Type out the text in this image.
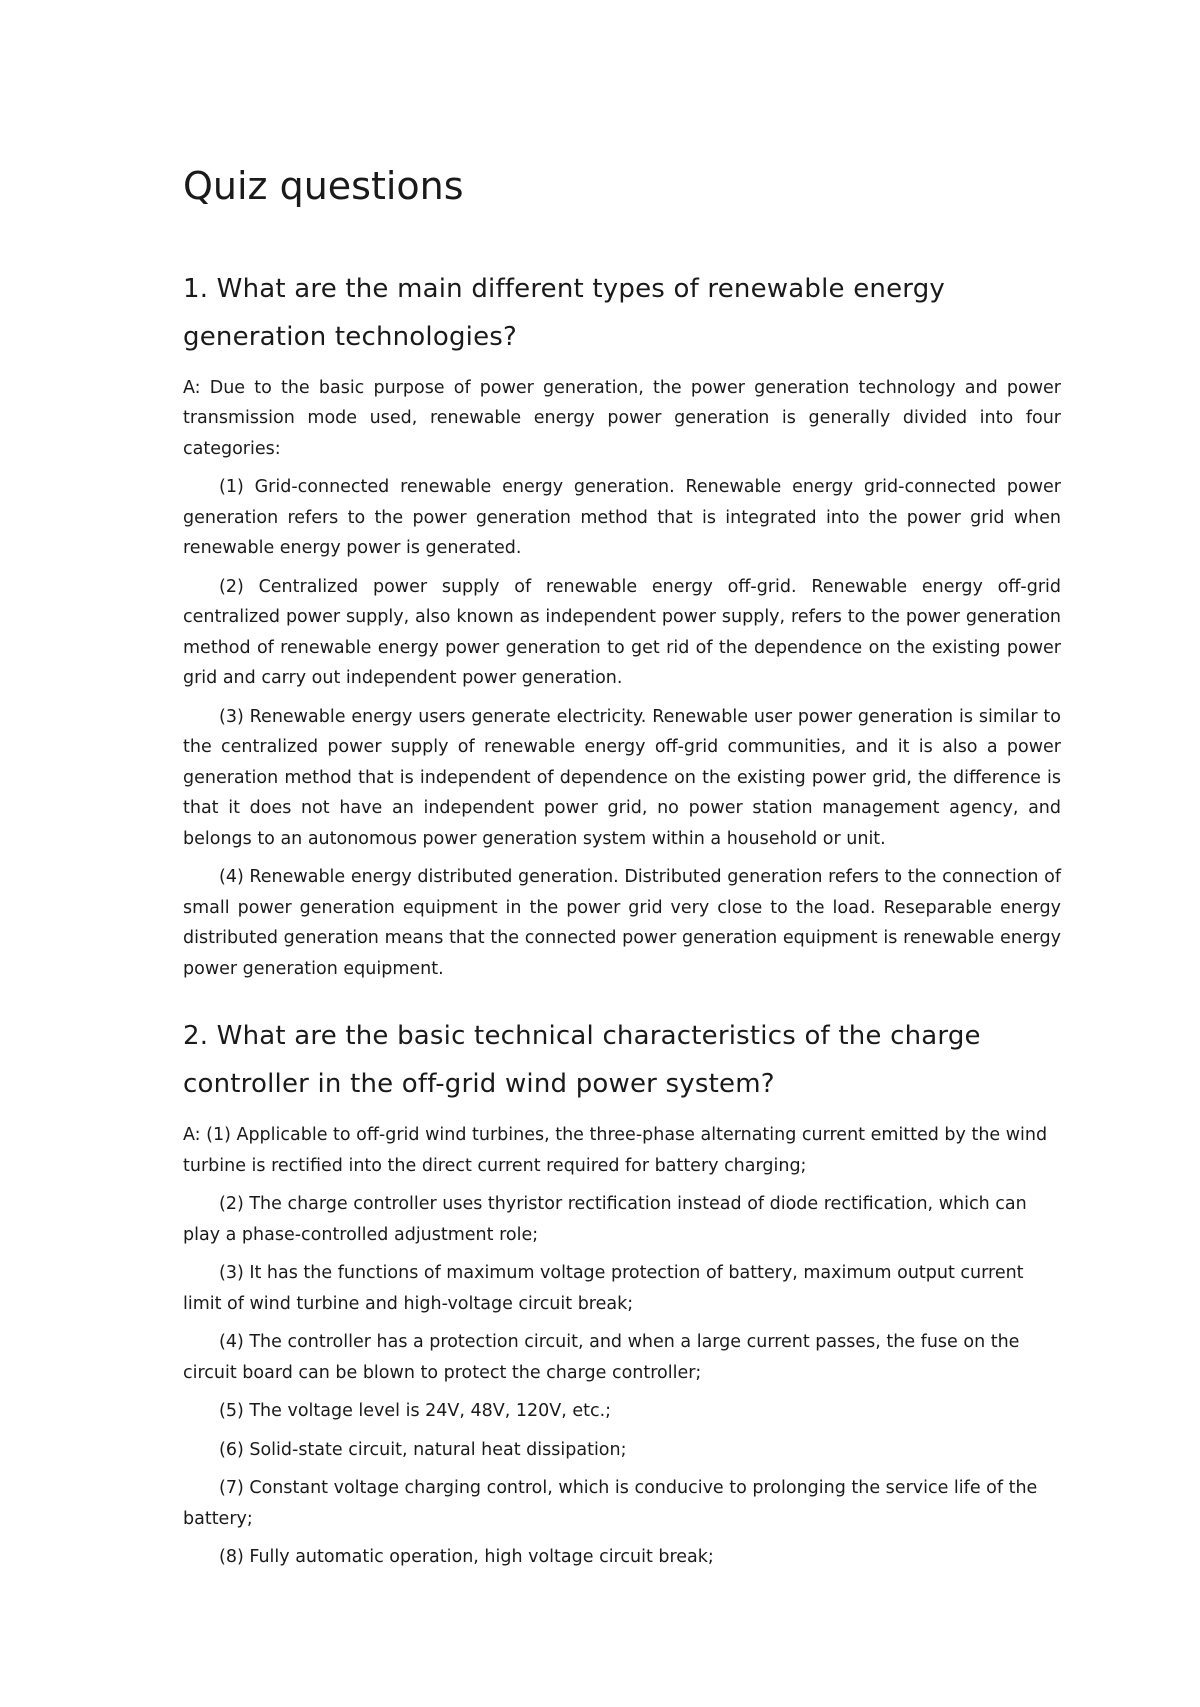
Quiz questions
1. What are the main different types of renewable energy generation technologies?

A: Due to the basic purpose of power generation, the power generation technology and power transmission mode used, renewable energy power generation is generally divided into four categories:

(1) Grid-connected renewable energy generation. Renewable energy grid-connected power generation refers to the power generation method that is integrated into the power grid when renewable energy power is generated.

(2) Centralized power supply of renewable energy off-grid. Renewable energy off-grid centralized power supply, also known as independent power supply, refers to the power generation method of renewable energy power generation to get rid of the dependence on the existing power grid and carry out independent power generation.

(3) Renewable energy users generate electricity. Renewable user power generation is similar to the centralized power supply of renewable energy off-grid communities, and it is also a power generation method that is independent of dependence on the existing power grid, the difference is that it does not have an independent power grid, no power station management agency, and belongs to an autonomous power generation system within a household or unit.

(4) Renewable energy distributed generation. Distributed generation refers to the connection of small power generation equipment in the power grid very close to the load. Reseparable energy distributed generation means that the connected power generation equipment is renewable energy power generation equipment.

2. What are the basic technical characteristics of the charge controller in the off-grid wind power system?

A: (1) Applicable to off-grid wind turbines, the three-phase alternating current emitted by the wind turbine is rectified into the direct current required for battery charging;

(2) The charge controller uses thyristor rectification instead of diode rectification, which can play a phase-controlled adjustment role;

(3) It has the functions of maximum voltage protection of battery, maximum output current limit of wind turbine and high-voltage circuit break;

(4) The controller has a protection circuit, and when a large current passes, the fuse on the circuit board can be blown to protect the charge controller;

(5) The voltage level is 24V, 48V, 120V, etc.;

(6) Solid-state circuit, natural heat dissipation;

(7) Constant voltage charging control, which is conducive to prolonging the service life of the battery;

(8) Fully automatic operation, high voltage circuit break;
